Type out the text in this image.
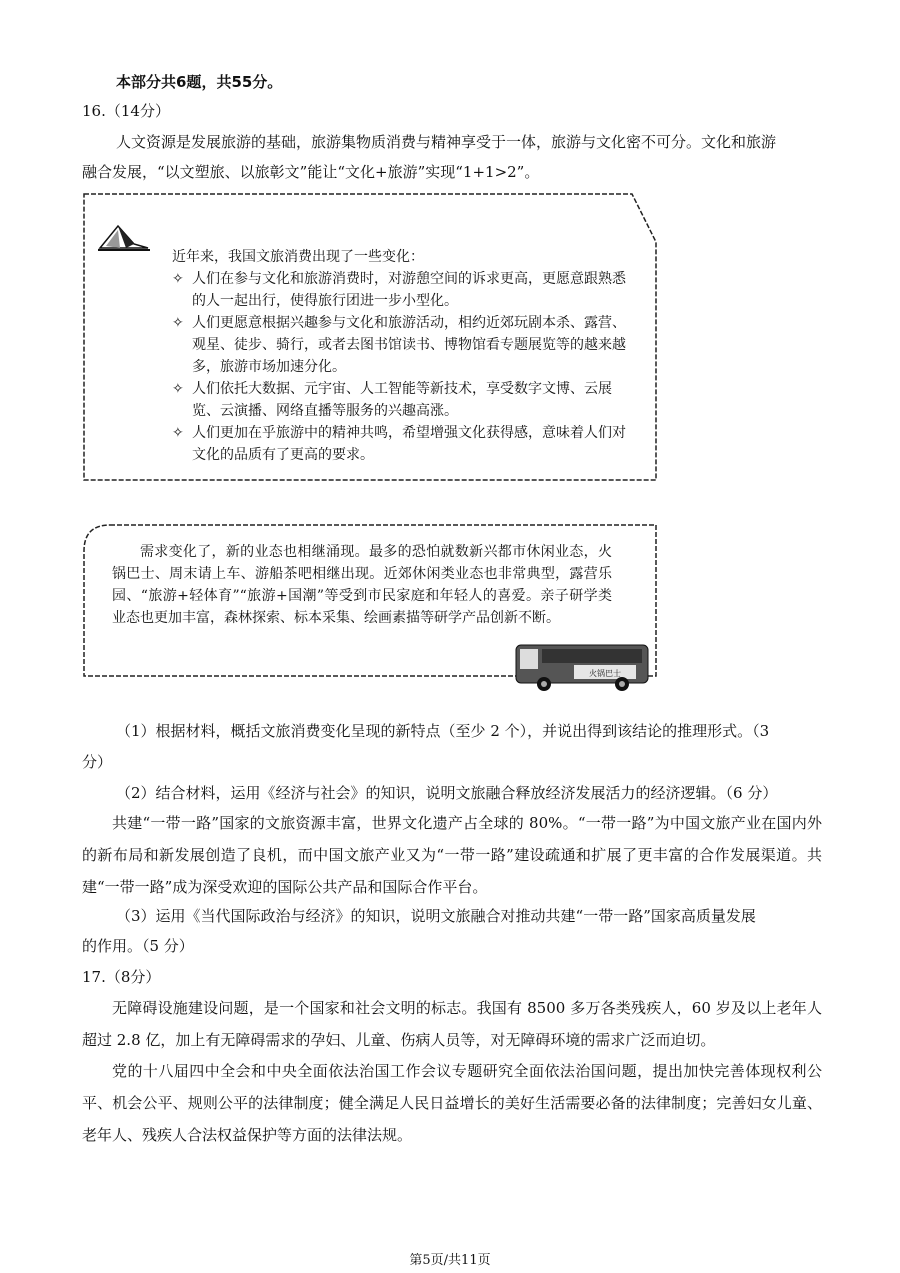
本部分共6题，共55分。
16.（14分）
人文资源是发展旅游的基础，旅游集物质消费与精神享受于一体，旅游与文化密不可分。文化和旅游
融合发展，“以文塑旅、以旅彰文”能让“文化+旅游”实现“1+1>2”。
近年来，我国文旅消费出现了一些变化：
✧ 人们在参与文化和旅游消费时，对游憩空间的诉求更高，更愿意跟熟悉的人一起出行，使得旅行团进一步小型化。
✧ 人们更愿意根据兴趣参与文化和旅游活动，相约近郊玩剧本杀、露营、观星、徒步、骑行，或者去图书馆读书、博物馆看专题展览等的越来越多，旅游市场加速分化。
✧ 人们依托大数据、元宇宙、人工智能等新技术，享受数字文博、云展览、云演播、网络直播等服务的兴趣高涨。
✧ 人们更加在乎旅游中的精神共鸣，希望增强文化获得感，意味着人们对文化的品质有了更高的要求。
需求变化了，新的业态也相继涌现。最多的恐怕就数新兴都市休闲业态，火锅巴士、周末请上车、游船茶吧相继出现。近郊休闲类业态也非常典型，露营乐园、“旅游+轻体育”“旅游+国潮”等受到市民家庭和年轻人的喜爱。亲子研学类业态也更加丰富，森林探索、标本采集、绘画素描等研学产品创新不断。
火锅巴士
（1）根据材料，概括文旅消费变化呈现的新特点（至少 2 个），并说出得到该结论的推理形式。（3
分）
（2）结合材料，运用《经济与社会》的知识，说明文旅融合释放经济发展活力的经济逻辑。（6 分）
共建“一带一路”国家的文旅资源丰富，世界文化遗产占全球的 80%。“一带一路”为中国文旅产业在国内外的新布局和新发展创造了良机，而中国文旅产业又为“一带一路”建设疏通和扩展了更丰富的合作发展渠道。共建“一带一路”成为深受欢迎的国际公共产品和国际合作平台。
（3）运用《当代国际政治与经济》的知识，说明文旅融合对推动共建“一带一路”国家高质量发展
的作用。（5 分）
17.（8分）
无障碍设施建设问题，是一个国家和社会文明的标志。我国有 8500 多万各类残疾人，60 岁及以上老年人超过 2.8 亿，加上有无障碍需求的孕妇、儿童、伤病人员等，对无障碍环境的需求广泛而迫切。
党的十八届四中全会和中央全面依法治国工作会议专题研究全面依法治国问题，提出加快完善体现权利公平、机会公平、规则公平的法律制度；健全满足人民日益增长的美好生活需要必备的法律制度；完善妇女儿童、老年人、残疾人合法权益保护等方面的法律法规。
第5页/共11页
